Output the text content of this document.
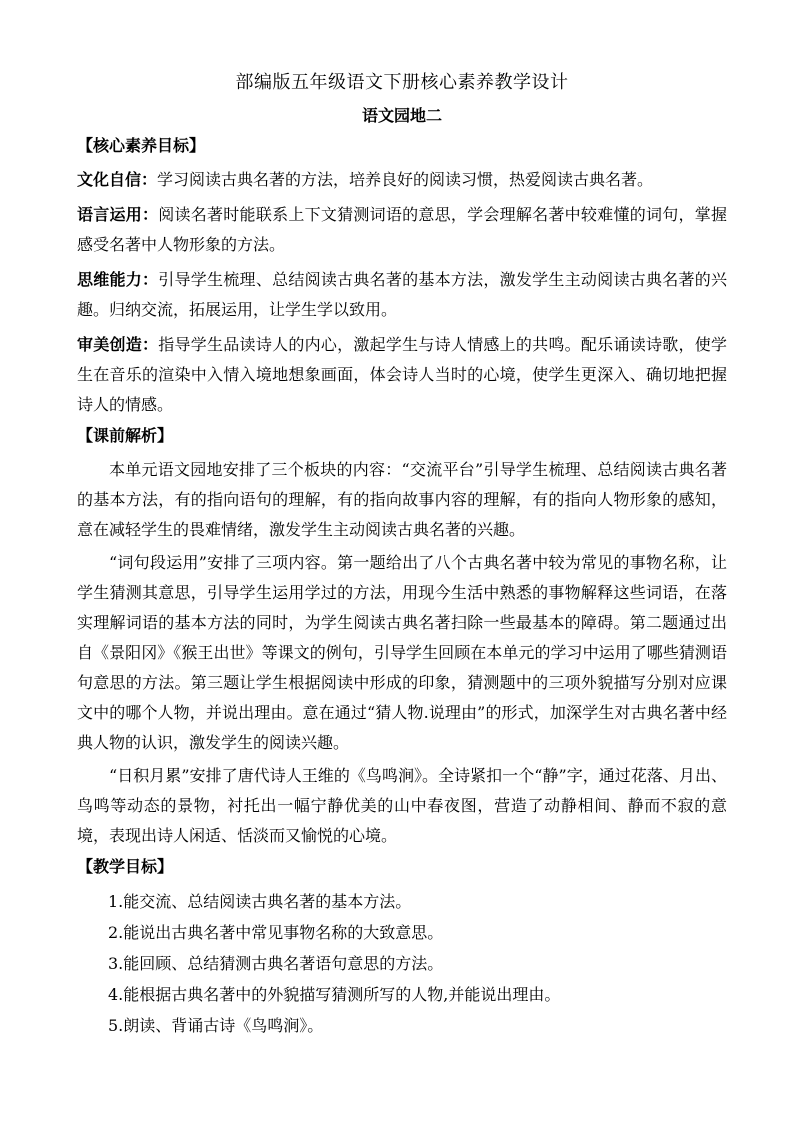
部编版五年级语文下册核心素养教学设计
语文园地二
【核心素养目标】

文化自信：学习阅读古典名著的方法，培养良好的阅读习惯，热爱阅读古典名著。

语言运用：阅读名著时能联系上下文猜测词语的意思，学会理解名著中较难懂的词句，掌握感受名著中人物形象的方法。

思维能力：引导学生梳理、总结阅读古典名著的基本方法，激发学生主动阅读古典名著的兴趣。归纳交流，拓展运用，让学生学以致用。

审美创造：指导学生品读诗人的内心，激起学生与诗人情感上的共鸣。配乐诵读诗歌，使学生在音乐的渲染中入情入境地想象画面，体会诗人当时的心境，使学生更深入、确切地把握诗人的情感。

【课前解析】

本单元语文园地安排了三个板块的内容：“交流平台”引导学生梳理、总结阅读古典名著的基本方法，有的指向语句的理解，有的指向故事内容的理解，有的指向人物形象的感知，意在减轻学生的畏难情绪，激发学生主动阅读古典名著的兴趣。

“词句段运用”安排了三项内容。第一题给出了八个古典名著中较为常见的事物名称，让学生猜测其意思，引导学生运用学过的方法，用现今生活中熟悉的事物解释这些词语，在落实理解词语的基本方法的同时，为学生阅读古典名著扫除一些最基本的障碍。第二题通过出自《景阳冈》《猴王出世》等课文的例句，引导学生回顾在本单元的学习中运用了哪些猜测语句意思的方法。第三题让学生根据阅读中形成的印象，猜测题中的三项外貌描写分别对应课文中的哪个人物，并说出理由。意在通过“猜人物.说理由”的形式，加深学生对古典名著中经典人物的认识，激发学生的阅读兴趣。

“日积月累”安排了唐代诗人王维的《鸟鸣涧》。全诗紧扣一个“静”字，通过花落、月出、鸟鸣等动态的景物，衬托出一幅宁静优美的山中春夜图，营造了动静相间、静而不寂的意境，表现出诗人闲适、恬淡而又愉悦的心境。

【教学目标】
1.能交流、总结阅读古典名著的基本方法。
2.能说出古典名著中常见事物名称的大致意思。
3.能回顾、总结猜测古典名著语句意思的方法。
4.能根据古典名著中的外貌描写猜测所写的人物,并能说出理由。
5.朗读、背诵古诗《鸟鸣涧》。
